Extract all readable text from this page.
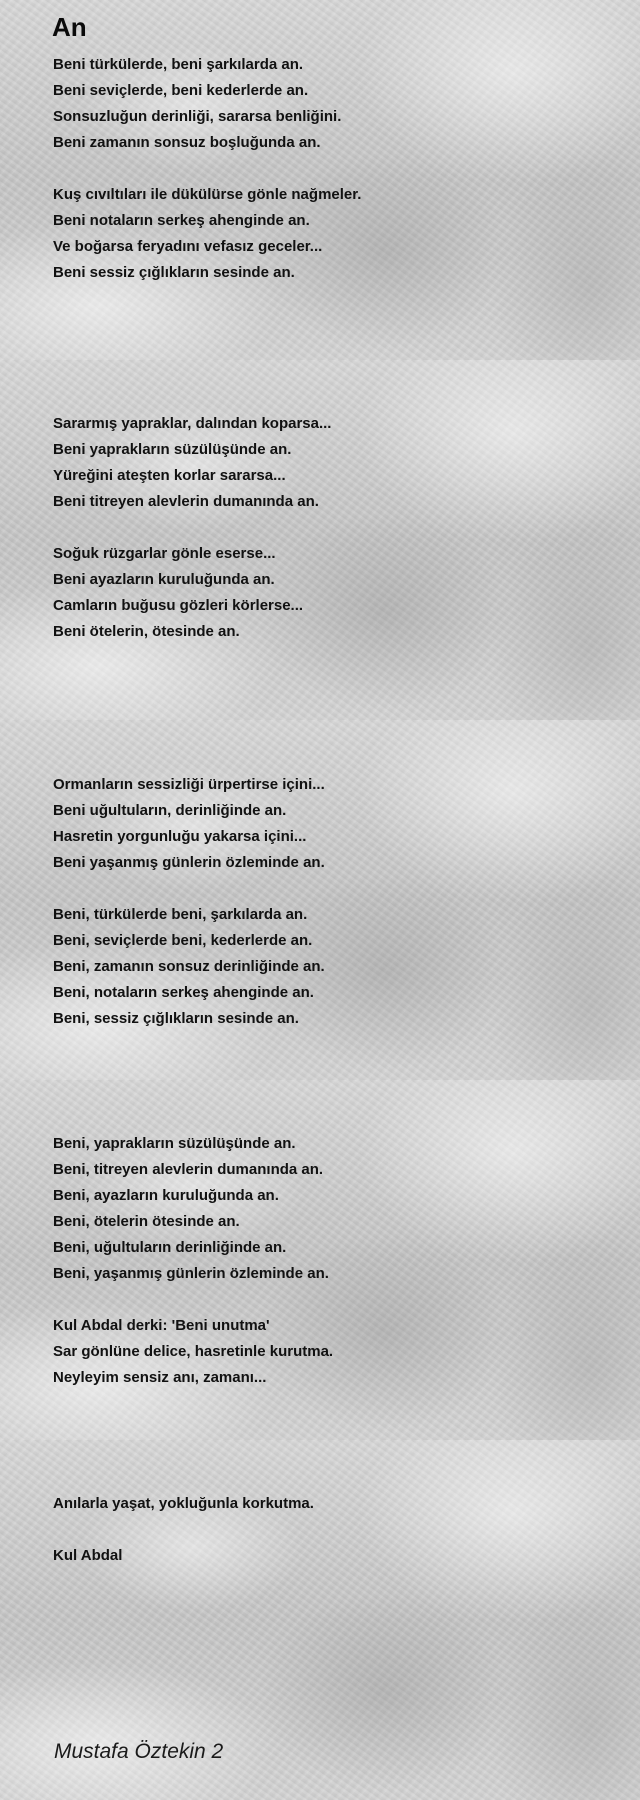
An
Beni türkülerde, beni şarkılarda an.
Beni seviçlerde, beni kederlerde an.
Sonsuzluğun derinliği, sararsa benliğini.
Beni zamanın sonsuz boşluğunda an.
Kuş cıvıltıları ile dükülürse gönle nağmeler.
Beni notaların serkeş ahenginde an.
Ve boğarsa feryadını vefasız geceler...
Beni sessiz çığlıkların sesinde an.
Sararmış yapraklar, dalından koparsa...
Beni yaprakların süzülüşünde an.
Yüreğini ateşten korlar sararsa...
Beni titreyen alevlerin dumanında an.
Soğuk rüzgarlar gönle eserse...
Beni ayazların kuruluğunda an.
Camların buğusu gözleri körlerse...
Beni ötelerin, ötesinde an.
Ormanların sessizliği ürpertirse içini...
Beni uğultuların, derinliğinde an.
Hasretin yorgunluğu yakarsa içini...
Beni yaşanmış günlerin özleminde an.
Beni, türkülerde beni, şarkılarda an.
Beni, seviçlerde beni, kederlerde an.
Beni, zamanın sonsuz derinliğinde an.
Beni, notaların serkeş ahenginde an.
Beni, sessiz çığlıkların sesinde an.
Beni, yaprakların süzülüşünde an.
Beni, titreyen alevlerin dumanında an.
Beni, ayazların kuruluğunda an.
Beni, ötelerin ötesinde an.
Beni, uğultuların derinliğinde an.
Beni, yaşanmış günlerin özleminde an.
Kul Abdal derki: 'Beni unutma'
Sar gönlüne delice, hasretinle kurutma.
Neyleyim sensiz anı, zamanı...
Anılarla yaşat, yokluğunla korkutma.

Kul Abdal

Mustafa Öztekin 2
